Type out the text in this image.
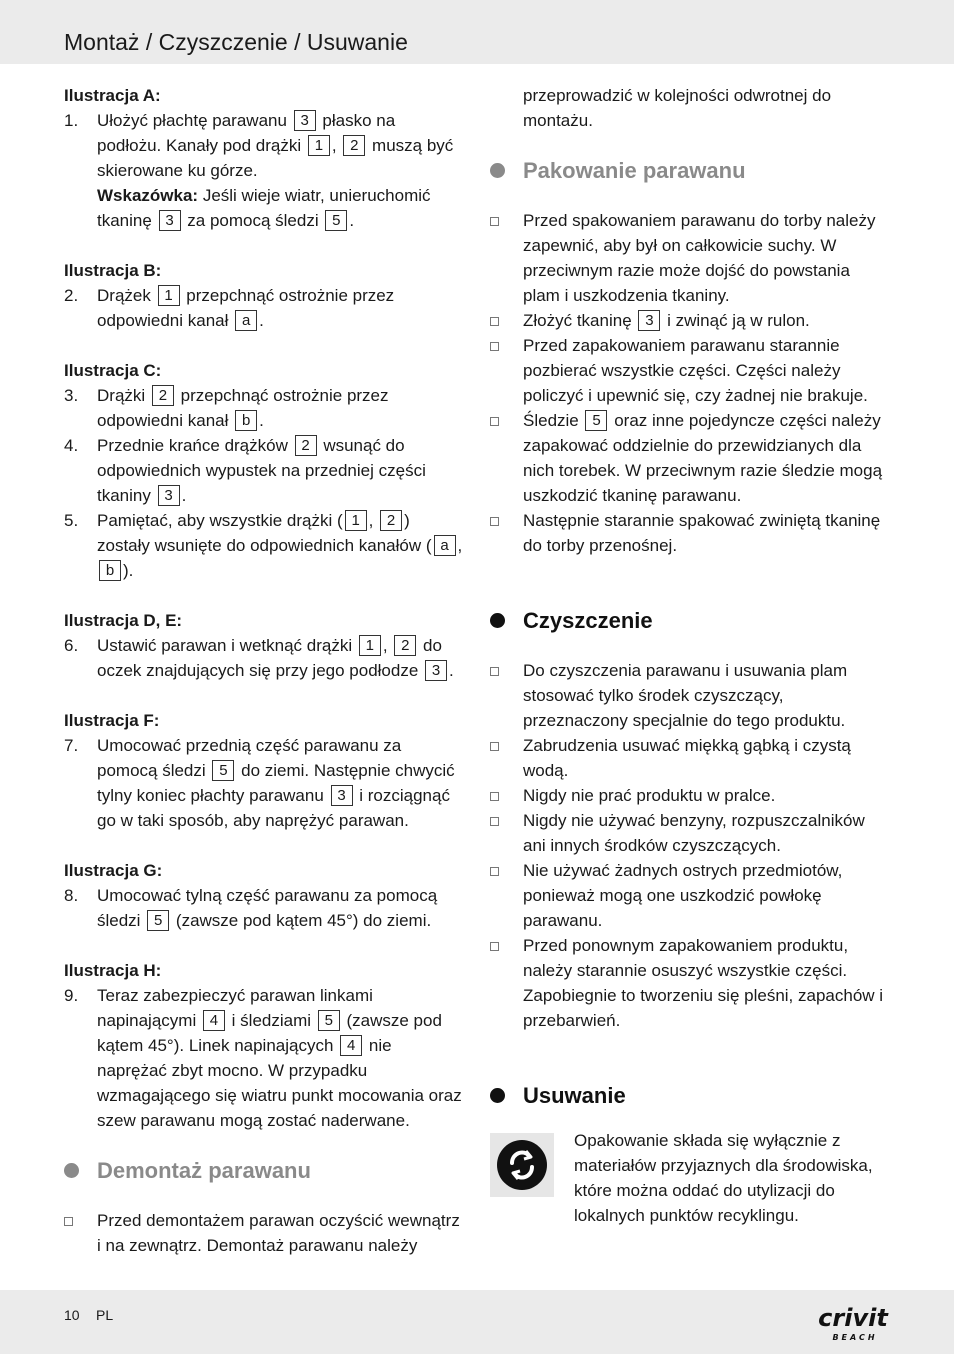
Montaż / Czyszczenie / Usuwanie
Ilustracja A:
1. Ułożyć płachtę parawanu 3 płasko na podłożu. Kanały pod drążki 1 , 2 muszą być skierowane ku górze.
Wskazówka: Jeśli wieje wiatr, unieruchomić tkaninę 3 za pomocą śledzi 5 .
Ilustracja B:
2. Drążek 1 przepchnąć ostrożnie przez odpowiedni kanał a .
Ilustracja C:
3. Drążki 2 przepchnąć ostrożnie przez odpowiedni kanał b .
4. Przednie krańce drążków 2 wsunąć do odpowiednich wypustek na przedniej części tkaniny 3 .
5. Pamiętać, aby wszystkie drążki ( 1 , 2 ) zostały wsunięte do odpowiednich kanałów ( a , b ).
Ilustracja D, E:
6. Ustawić parawan i wetknąć drążki 1 , 2 do oczek znajdujących się przy jego podłodze 3 .
Ilustracja F:
7. Umocować przednią część parawanu za pomocą śledzi 5 do ziemi. Następnie chwycić tylny koniec płachty parawanu 3 i rozciągnąć go w taki sposób, aby naprężyć parawan.
Ilustracja G:
8. Umocować tylną część parawanu za pomocą śledzi 5 (zawsze pod kątem 45°) do ziemi.
Ilustracja H:
9. Teraz zabezpieczyć parawan linkami napinającymi 4 i śledziami 5 (zawsze pod kątem 45°). Linek napinających 4 nie naprężać zbyt mocno. W przypadku wzmagającego się wiatru punkt mocowania oraz szew parawanu mogą zostać naderwane.
Demontaż parawanu
Przed demontażem parawan oczyścić wewnątrz i na zewnątrz. Demontaż parawanu należy
przeprowadzić w kolejności odwrotnej do montażu.
Pakowanie parawanu
Przed spakowaniem parawanu do torby należy zapewnić, aby był on całkowicie suchy. W przeciwnym razie może dojść do powstania plam i uszkodzenia tkaniny.
Złożyć tkaninę 3 i zwinąć ją w rulon.
Przed zapakowaniem parawanu starannie pozbierać wszystkie części. Części należy policzyć i upewnić się, czy żadnej nie brakuje.
Śledzie 5 oraz inne pojedyncze części należy zapakować oddzielnie do przewidzianych dla nich torebek. W przeciwnym razie śledzie mogą uszkodzić tkaninę parawanu.
Następnie starannie spakować zwiniętą tkaninę do torby przenośnej.
Czyszczenie
Do czyszczenia parawanu i usuwania plam stosować tylko środek czyszczący, przeznaczony specjalnie do tego produktu.
Zabrudzenia usuwać miękką gąbką i czystą wodą.
Nigdy nie prać produktu w pralce.
Nigdy nie używać benzyny, rozpuszczalników ani innych środków czyszczących.
Nie używać żadnych ostrych przedmiotów, ponieważ mogą one uszkodzić powłokę parawanu.
Przed ponownym zapakowaniem produktu, należy starannie osuszyć wszystkie części. Zapobiegnie to tworzeniu się pleśni, zapachów i przebarwień.
Usuwanie
Opakowanie składa się wyłącznie z materiałów przyjaznych dla środowiska, które można oddać do utylizacji do lokalnych punktów recyklingu.
10 PL	crivit
BEACH
